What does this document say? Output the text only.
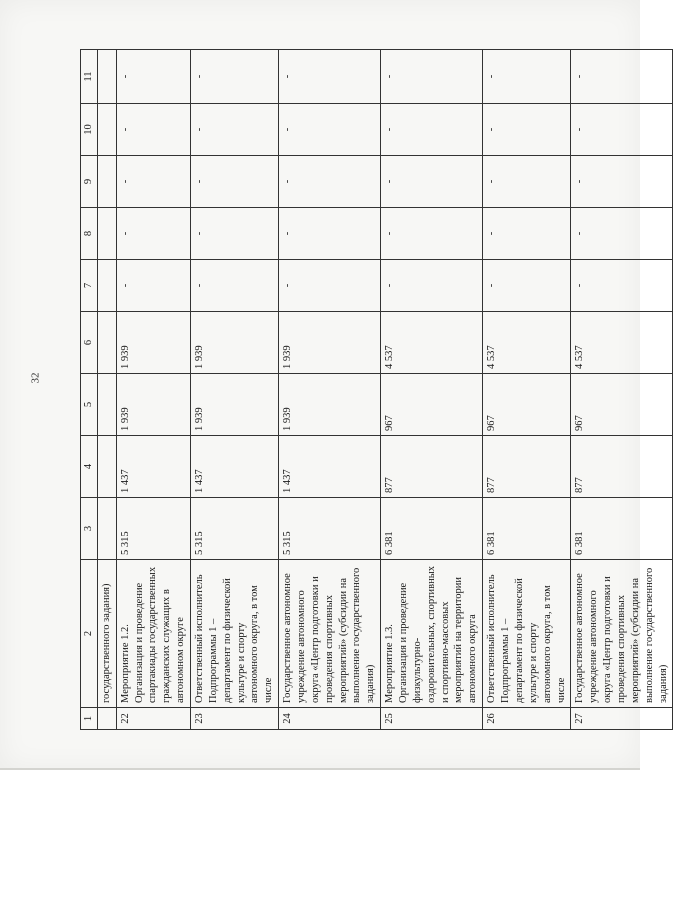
32
1	2	3	4	5	6	7	8	9	10	11
	государственного задания)									
22	Мероприятие 1.2. Организация и проведение спартакиады государственных гражданских служащих в автономном округе	5 315	1 437	1 939	1 939	-	-	-	-	-
23	Ответственный исполнитель Подпрограммы 1 – департамент по физической культуре и спорту автономного округа, в том числе	5 315	1 437	1 939	1 939	-	-	-	-	-
24	Государственное автономное учреждение автономного округа «Центр подготовки и проведения спортивных мероприятий» (субсидии на выполнение государственного задания)	5 315	1 437	1 939	1 939	-	-	-	-	-
25	Мероприятие 1.3. Организация и проведение физкультурно-оздоровительных, спортивных и спортивно-массовых мероприятий на территории автономного округа	6 381	877	967	4 537	-	-	-	-	-
26	Ответственный исполнитель Подпрограммы 1 – департамент по физической культуре и спорту автономного округа, в том числе	6 381	877	967	4 537	-	-	-	-	-
27	Государственное автономное учреждение автономного округа «Центр подготовки и проведения спортивных мероприятий» (субсидии на выполнение государственного задания)	6 381	877	967	4 537	-	-	-	-	-
